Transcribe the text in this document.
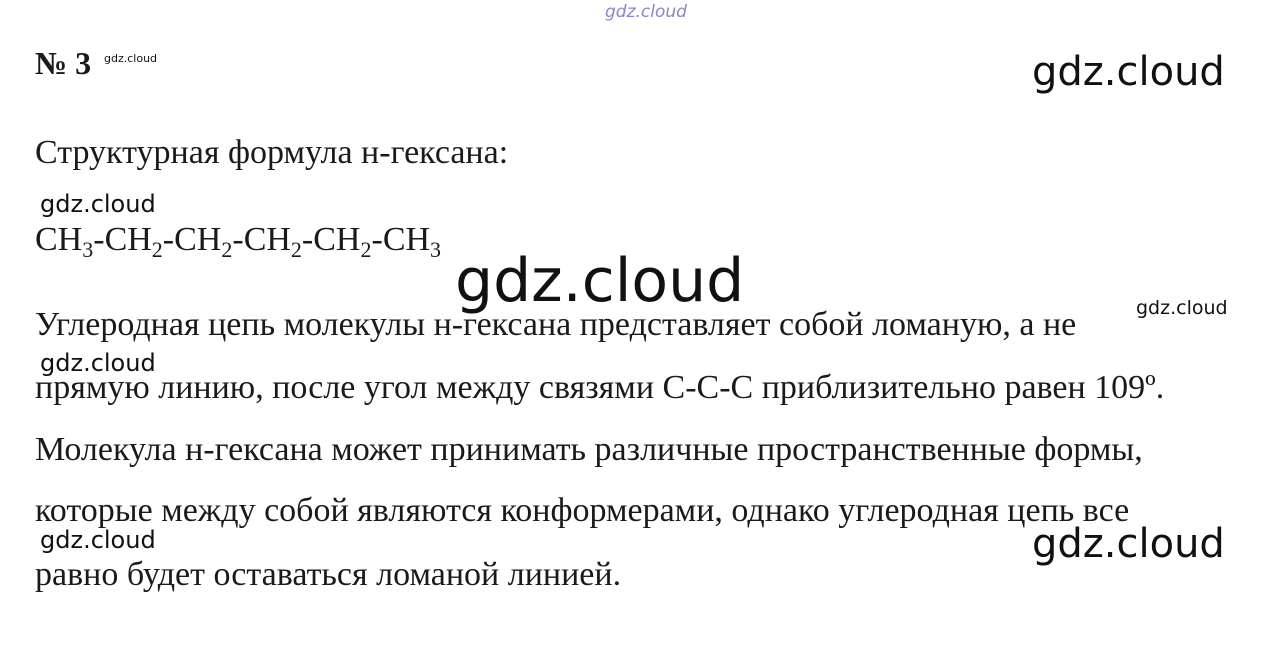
gdz.cloud
№ 3 gdz.cloud	gdz.cloud
Структурная формула н-гексана:
gdz.cloud
$CH_3-CH_2-CH_2-CH_2-CH_2-CH_3$ gdz.cloud	gdz.cloud
Углеродная цепь молекулы н-гексана представляет собой ломаную, а не
gdz.cloud
прямую линию, после угол между связями С-С-С приблизительно равен 109º.
Молекула н-гексана может принимать различные пространственные формы,
которые между собой являются конформерами, однако углеродная цепь все
gdz.cloud	gdz.cloud
равно будет оставаться ломаной линией.
